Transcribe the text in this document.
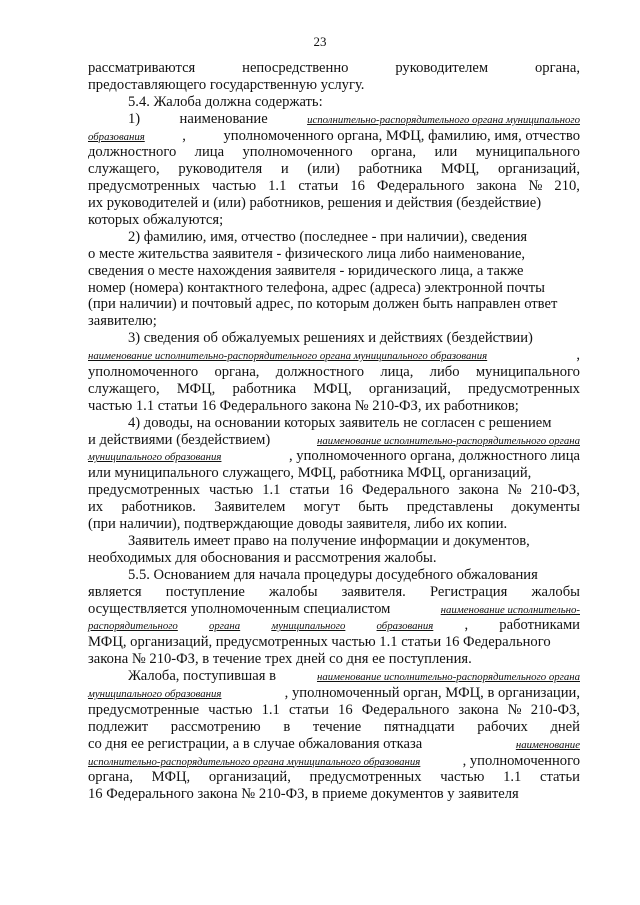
23
рассматриваются	непосредственно	руководителем	органа,
предоставляющего государственную услугу.
5.4. Жалоба должна содержать:
1)	наименование	исполнительно-распорядительного органа муниципального
образования	,	уполномоченного органа, МФЦ, фамилию, имя, отчество
должностного лица уполномоченного органа, или муниципального
служащего, руководителя и (или) работника МФЦ, организаций,
предусмотренных частью 1.1 статьи 16 Федерального закона № 210,
их руководителей и (или) работников, решения и действия (бездействие)
которых обжалуются;
2) фамилию, имя, отчество (последнее - при наличии), сведения
о месте жительства заявителя - физического лица либо наименование,
сведения о месте нахождения заявителя - юридического лица, а также
номер (номера) контактного телефона, адрес (адреса) электронной почты
(при наличии) и почтовый адрес, по которым должен быть направлен ответ
заявителю;
3) сведения об обжалуемых решениях и действиях (бездействии)
наименование исполнительно-распорядительного органа муниципального образования	,
уполномоченного органа, должностного лица, либо муниципального
служащего, МФЦ, работника МФЦ, организаций, предусмотренных
частью 1.1 статьи 16 Федерального закона № 210-ФЗ, их работников;
4) доводы, на основании которых заявитель не согласен с решением
и действиями (бездействием)	наименование исполнительно-распорядительного органа
муниципального образования	, уполномоченного органа, должностного лица
или муниципального служащего, МФЦ, работника МФЦ, организаций,
предусмотренных частью 1.1 статьи 16 Федерального закона № 210-ФЗ,
их работников. Заявителем могут быть представлены документы
(при наличии), подтверждающие доводы заявителя, либо их копии.
Заявитель имеет право на получение информации и документов,
необходимых для обоснования и рассмотрения жалобы.
5.5. Основанием для начала процедуры досудебного обжалования
является поступление жалобы заявителя. Регистрация жалобы
осуществляется уполномоченным специалистом	наименование исполнительно-
распорядительного	органа	муниципального	образования , работниками
МФЦ, организаций, предусмотренных частью 1.1 статьи 16 Федерального
закона № 210-ФЗ, в течение трех дней со дня ее поступления.
Жалоба, поступившая в	наименование исполнительно-распорядительного органа
муниципального образования	, уполномоченный орган, МФЦ, в организации,
предусмотренные частью 1.1 статьи 16 Федерального закона № 210-ФЗ,
подлежит рассмотрению в течение пятнадцати рабочих дней
со дня ее регистрации, а в случае обжалования отказа	наименование
исполнительно-распорядительного органа муниципального образования	, уполномоченного
органа, МФЦ, организаций, предусмотренных частью 1.1 статьи
16 Федерального закона № 210-ФЗ, в приеме документов у заявителя
